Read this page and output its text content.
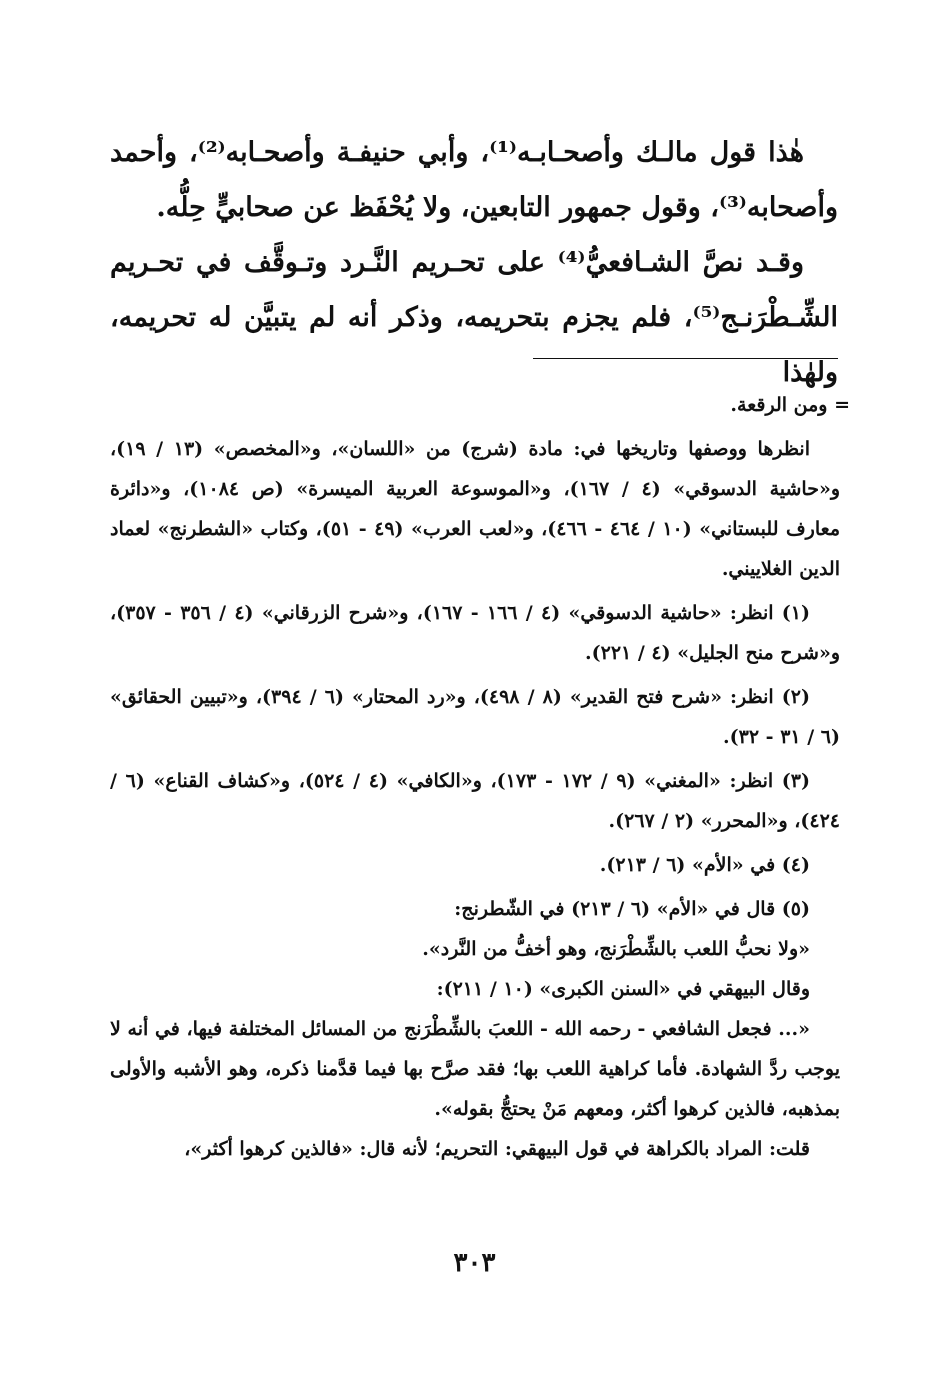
هٰذا قول مالـك وأصحـابـه⁽¹⁾، وأبي حنيفـة وأصحـابه⁽²⁾، وأحمد وأصحابه⁽³⁾، وقول جمهور التابعين، ولا يُحْفَظ عن صحابيٍّ حِلُّه.

وقـد نصَّ الشـافعيُّ⁽⁴⁾ على تحـريم النَّـرد وتـوقَّف في تحـريم الشِّـطْرَنـج⁽⁵⁾، فلم يجزم بتحريمه، وذكر أنه لم يتبيَّن له تحريمه، ولهٰذا

= ومن الرقعة.

انظرها ووصفها وتاريخها في: مادة (شرج) من «اللسان»، و«المخصص» (١٣ / ١٩)، و«حاشية الدسوقي» (٤ / ١٦٧)، و«الموسوعة العربية الميسرة» (ص ١٠٨٤)، و«دائرة معارف للبستاني» (١٠ / ٤٦٤ - ٤٦٦)، و«لعب العرب» (٤٩ - ٥١)، وكتاب «الشطرنج» لعماد الدين الغلاييني.

(١) انظر: «حاشية الدسوقي» (٤ / ١٦٦ - ١٦٧)، و«شرح الزرقاني» (٤ / ٣٥٦ - ٣٥٧)، و«شرح منح الجليل» (٤ / ٢٢١).

(٢) انظر: «شرح فتح القدير» (٨ / ٤٩٨)، و«رد المحتار» (٦ / ٣٩٤)، و«تبيين الحقائق» (٦ / ٣١ - ٣٢).

(٣) انظر: «المغني» (٩ / ١٧٢ - ١٧٣)، و«الكافي» (٤ / ٥٢٤)، و«كشاف القناع» (٦ / ٤٢٤)، و«المحرر» (٢ / ٢٦٧).

(٤) في «الأم» (٦ / ٢١٣).

(٥) قال في «الأم» (٦ / ٢١٣) في الشّطرنج:

«ولا نحبُّ اللعب بالشِّطْرَنج، وهو أخفُّ من النَّرد».

وقال البيهقي في «السنن الكبرى» (١٠ / ٢١١):

«... فجعل الشافعي - رحمه الله - اللعبَ بالشِّطْرَنج من المسائل المختلفة فيها، في أنه لا يوجب ردَّ الشهادة. فأما كراهية اللعب بها؛ فقد صرَّح بها فيما قدَّمنا ذكره، وهو الأشبه والأولى بمذهبه، فالذين كرهوا أكثر، ومعهم مَنْ يحتجُّ بقوله».

قلت: المراد بالكراهة في قول البيهقي: التحريم؛ لأنه قال: «فالذين كرهوا أكثر»،

٣٠٣
